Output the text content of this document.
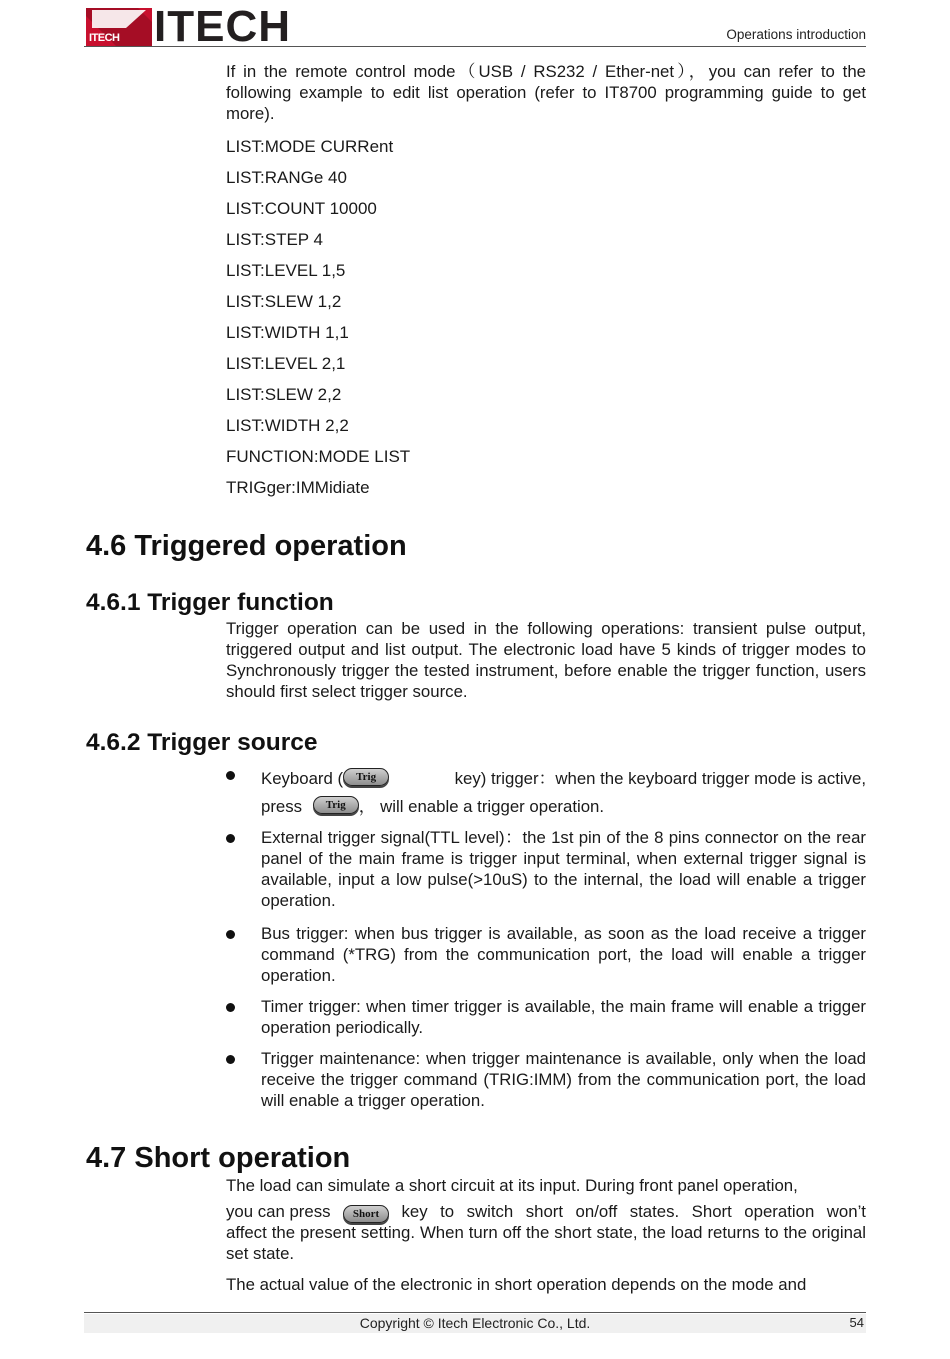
ITECH ITECH	Operations introduction
If in the remote control mode（USB / RS232 / Ether-net），you can refer to the following example to edit list operation (refer to IT8700 programming guide to get more).
LIST:MODE CURRent
LIST:RANGe 40
LIST:COUNT 10000
LIST:STEP 4
LIST:LEVEL 1,5
LIST:SLEW 1,2
LIST:WIDTH 1,1
LIST:LEVEL 2,1
LIST:SLEW 2,2
LIST:WIDTH 2,2
FUNCTION:MODE LIST
TRIGger:IMMidiate
4.6 Triggered operation
4.6.1 Trigger function
Trigger operation can be used in the following operations: transient pulse output, triggered output and list output. The electronic load have 5 kinds of trigger modes to Synchronously trigger the tested instrument, before enable the trigger function, users should first select trigger source.
4.6.2 Trigger source
Keyboard ( Trig	key) trigger：when the keyboard trigger mode is active,
press Trig ， will enable a trigger operation.
External trigger signal(TTL level)：the 1st pin of the 8 pins connector on the rear panel of the main frame is trigger input terminal, when external trigger signal is available, input a low pulse(>10uS) to the internal, the load will enable a trigger operation.
Bus trigger: when bus trigger is available, as soon as the load receive a trigger command (*TRG) from the communication port, the load will enable a trigger operation.
Timer trigger: when timer trigger is available, the main frame will enable a trigger operation periodically.
Trigger maintenance: when trigger maintenance is available, only when the load receive the trigger command (TRIG:IMM) from the communication port, the load will enable a trigger operation.
4.7 Short operation
The load can simulate a short circuit at its input. During front panel operation,
you can press	Short	key to switch short on/off states. Short operation won’t
affect the present setting. When turn off the short state, the load returns to the original set state.
The actual value of the electronic in short operation depends on the mode and
Copyright © Itech Electronic Co., Ltd.	54
